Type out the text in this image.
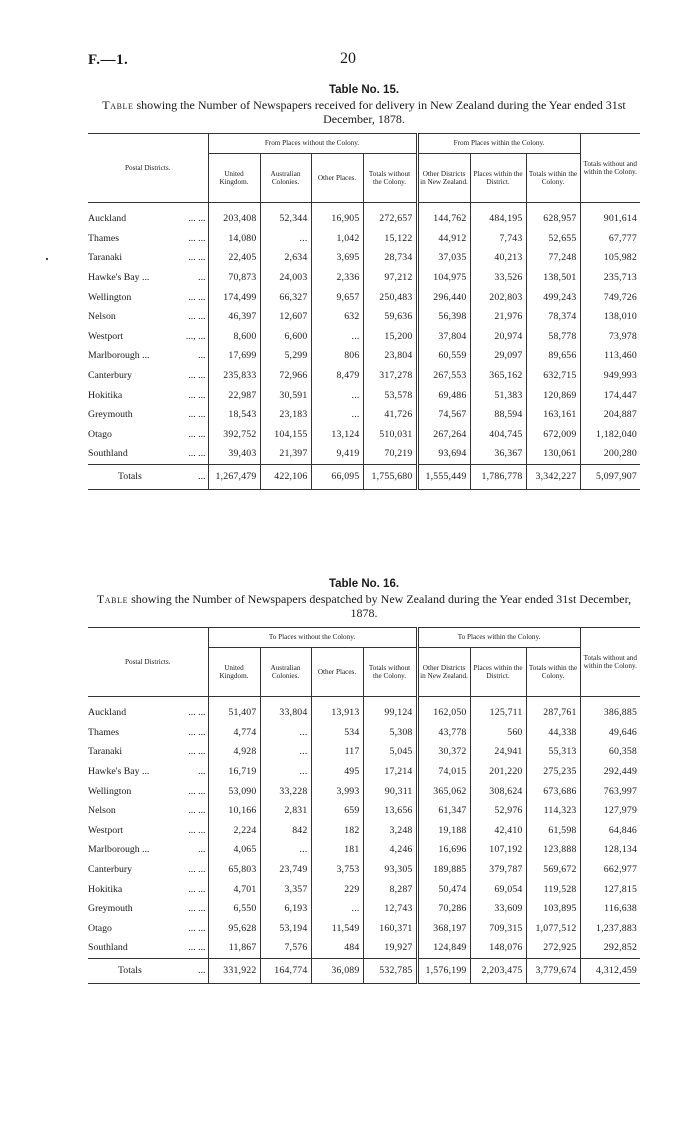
F.—1.	20
Table No. 15.
Table showing the Number of Newspapers received for delivery in New Zealand during the Year ended 31st December, 1878.
Postal Districts.		From Places without the Colony.				From Places within the Colony.			Totals without and within the Colony.
		United Kingdom.	Australian Colonies.	Other Places.	Totals without the Colony.	Other Districts in New Zealand.	Places within the District.	Totals within the Colony.	
Auckland	... ...	203,408	52,344	16,905	272,657	144,762	484,195	628,957	901,614
Thames	... ...	14,080	...	1,042	15,122	44,912	7,743	52,655	67,777
Taranaki	... ...	22,405	2,634	3,695	28,734	37,035	40,213	77,248	105,982
Hawke's Bay ...	...	70,873	24,003	2,336	97,212	104,975	33,526	138,501	235,713
Wellington	... ...	174,499	66,327	9,657	250,483	296,440	202,803	499,243	749,726
Nelson	... ...	46,397	12,607	632	59,636	56,398	21,976	78,374	138,010
Westport	..., ...	8,600	6,600	...	15,200	37,804	20,974	58,778	73,978
Marlborough ...	...	17,699	5,299	806	23,804	60,559	29,097	89,656	113,460
Canterbury	... ...	235,833	72,966	8,479	317,278	267,553	365,162	632,715	949,993
Hokitika	... ...	22,987	30,591	...	53,578	69,486	51,383	120,869	174,447
Greymouth	... ...	18,543	23,183	...	41,726	74,567	88,594	163,161	204,887
Otago	... ...	392,752	104,155	13,124	510,031	267,264	404,745	672,009	1,182,040
Southland	... ...	39,403	21,397	9,419	70,219	93,694	36,367	130,061	200,280
Totals	...	1,267,479	422,106	66,095	1,755,680	1,555,449	1,786,778	3,342,227	5,097,907
Table No. 16.
Table showing the Number of Newspapers despatched by New Zealand during the Year ended 31st December, 1878.
Postal Districts.		To Places without the Colony.				To Places within the Colony.			Totals without and within the Colony.
		United Kingdom.	Australian Colonies.	Other Places.	Totals without the Colony.	Other Districts in New Zealand.	Places within the District.	Totals within the Colony.	
Auckland	... ...	51,407	33,804	13,913	99,124	162,050	125,711	287,761	386,885
Thames	... ...	4,774	...	534	5,308	43,778	560	44,338	49,646
Taranaki	... ...	4,928	...	117	5,045	30,372	24,941	55,313	60,358
Hawke's Bay ...	...	16,719	...	495	17,214	74,015	201,220	275,235	292,449
Wellington	... ...	53,090	33,228	3,993	90,311	365,062	308,624	673,686	763,997
Nelson	... ...	10,166	2,831	659	13,656	61,347	52,976	114,323	127,979
Westport	... ...	2,224	842	182	3,248	19,188	42,410	61,598	64,846
Marlborough ...	...	4,065	...	181	4,246	16,696	107,192	123,888	128,134
Canterbury	... ...	65,803	23,749	3,753	93,305	189,885	379,787	569,672	662,977
Hokitika	... ...	4,701	3,357	229	8,287	50,474	69,054	119,528	127,815
Greymouth	... ...	6,550	6,193	...	12,743	70,286	33,609	103,895	116,638
Otago	... ...	95,628	53,194	11,549	160,371	368,197	709,315	1,077,512	1,237,883
Southland	... ...	11,867	7,576	484	19,927	124,849	148,076	272,925	292,852
Totals	...	331,922	164,774	36,089	532,785	1,576,199	2,203,475	3,779,674	4,312,459
